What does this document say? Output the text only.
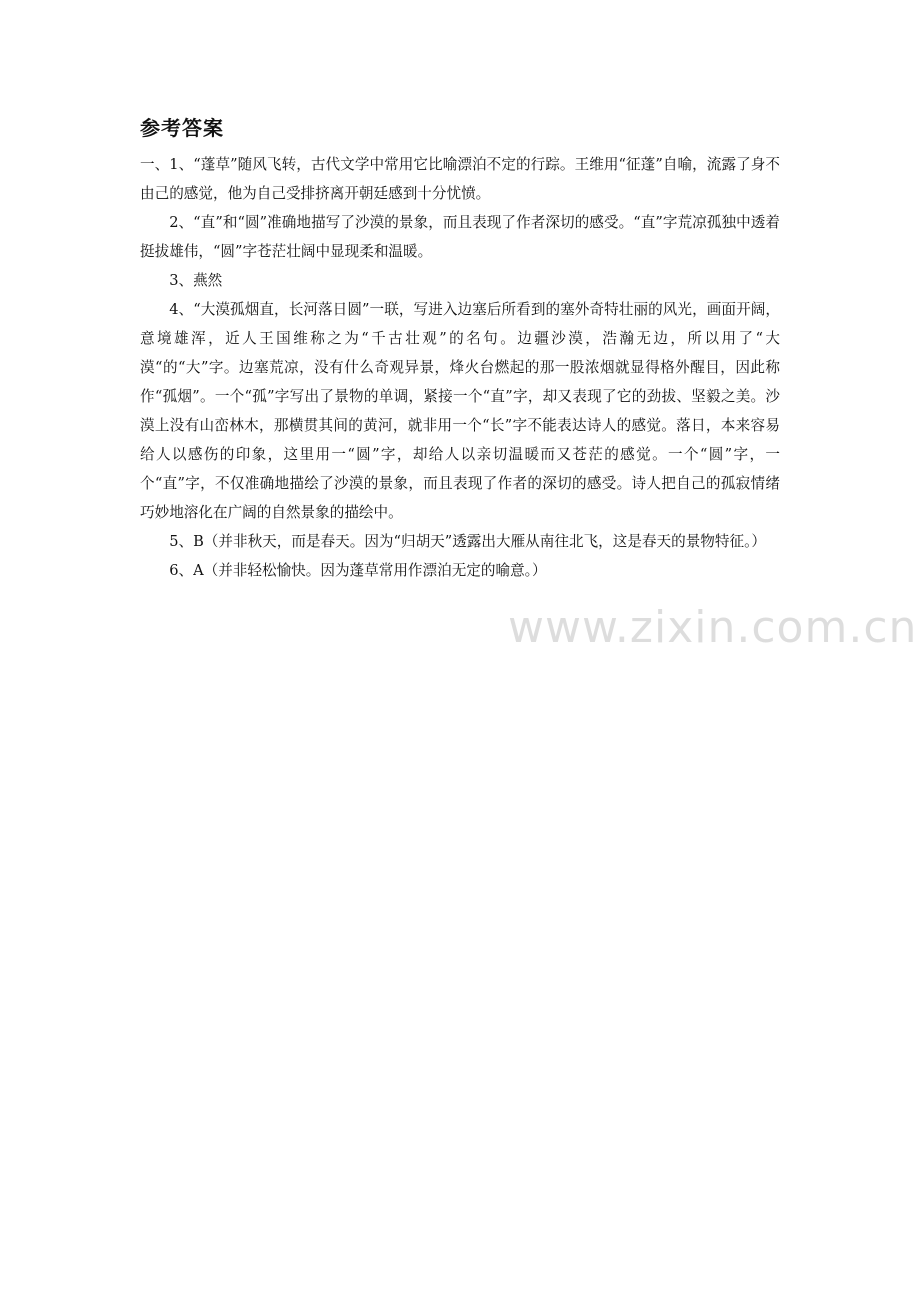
参考答案

一、1、“蓬草”随风飞转，古代文学中常用它比喻漂泊不定的行踪。王维用“征蓬”自喻，流露了身不由己的感觉，他为自己受排挤离开朝廷感到十分忧愤。

2、“直”和“圆”准确地描写了沙漠的景象，而且表现了作者深切的感受。“直”字荒凉孤独中透着挺拔雄伟，“圆”字苍茫壮阔中显现柔和温暖。

3、燕然

4、“大漠孤烟直，长河落日圆”一联，写进入边塞后所看到的塞外奇特壮丽的风光，画面开阔，意境雄浑，近人王国维称之为“千古壮观”的名句。边疆沙漠，浩瀚无边，所以用了“大漠“的“大”字。边塞荒凉，没有什么奇观异景，烽火台燃起的那一股浓烟就显得格外醒目，因此称作“孤烟”。一个“孤”字写出了景物的单调，紧接一个“直”字，却又表现了它的劲拔、坚毅之美。沙漠上没有山峦林木，那横贯其间的黄河，就非用一个“长”字不能表达诗人的感觉。落日，本来容易给人以感伤的印象，这里用一“圆”字，却给人以亲切温暖而又苍茫的感觉。一个“圆”字，一个“直”字，不仅准确地描绘了沙漠的景象，而且表现了作者的深切的感受。诗人把自己的孤寂情绪巧妙地溶化在广阔的自然景象的描绘中。

5、B（并非秋天，而是春天。因为“归胡天”透露出大雁从南往北飞，这是春天的景物特征。）

6、A（并非轻松愉快。因为蓬草常用作漂泊无定的喻意。）

www.zixin.com.cn
